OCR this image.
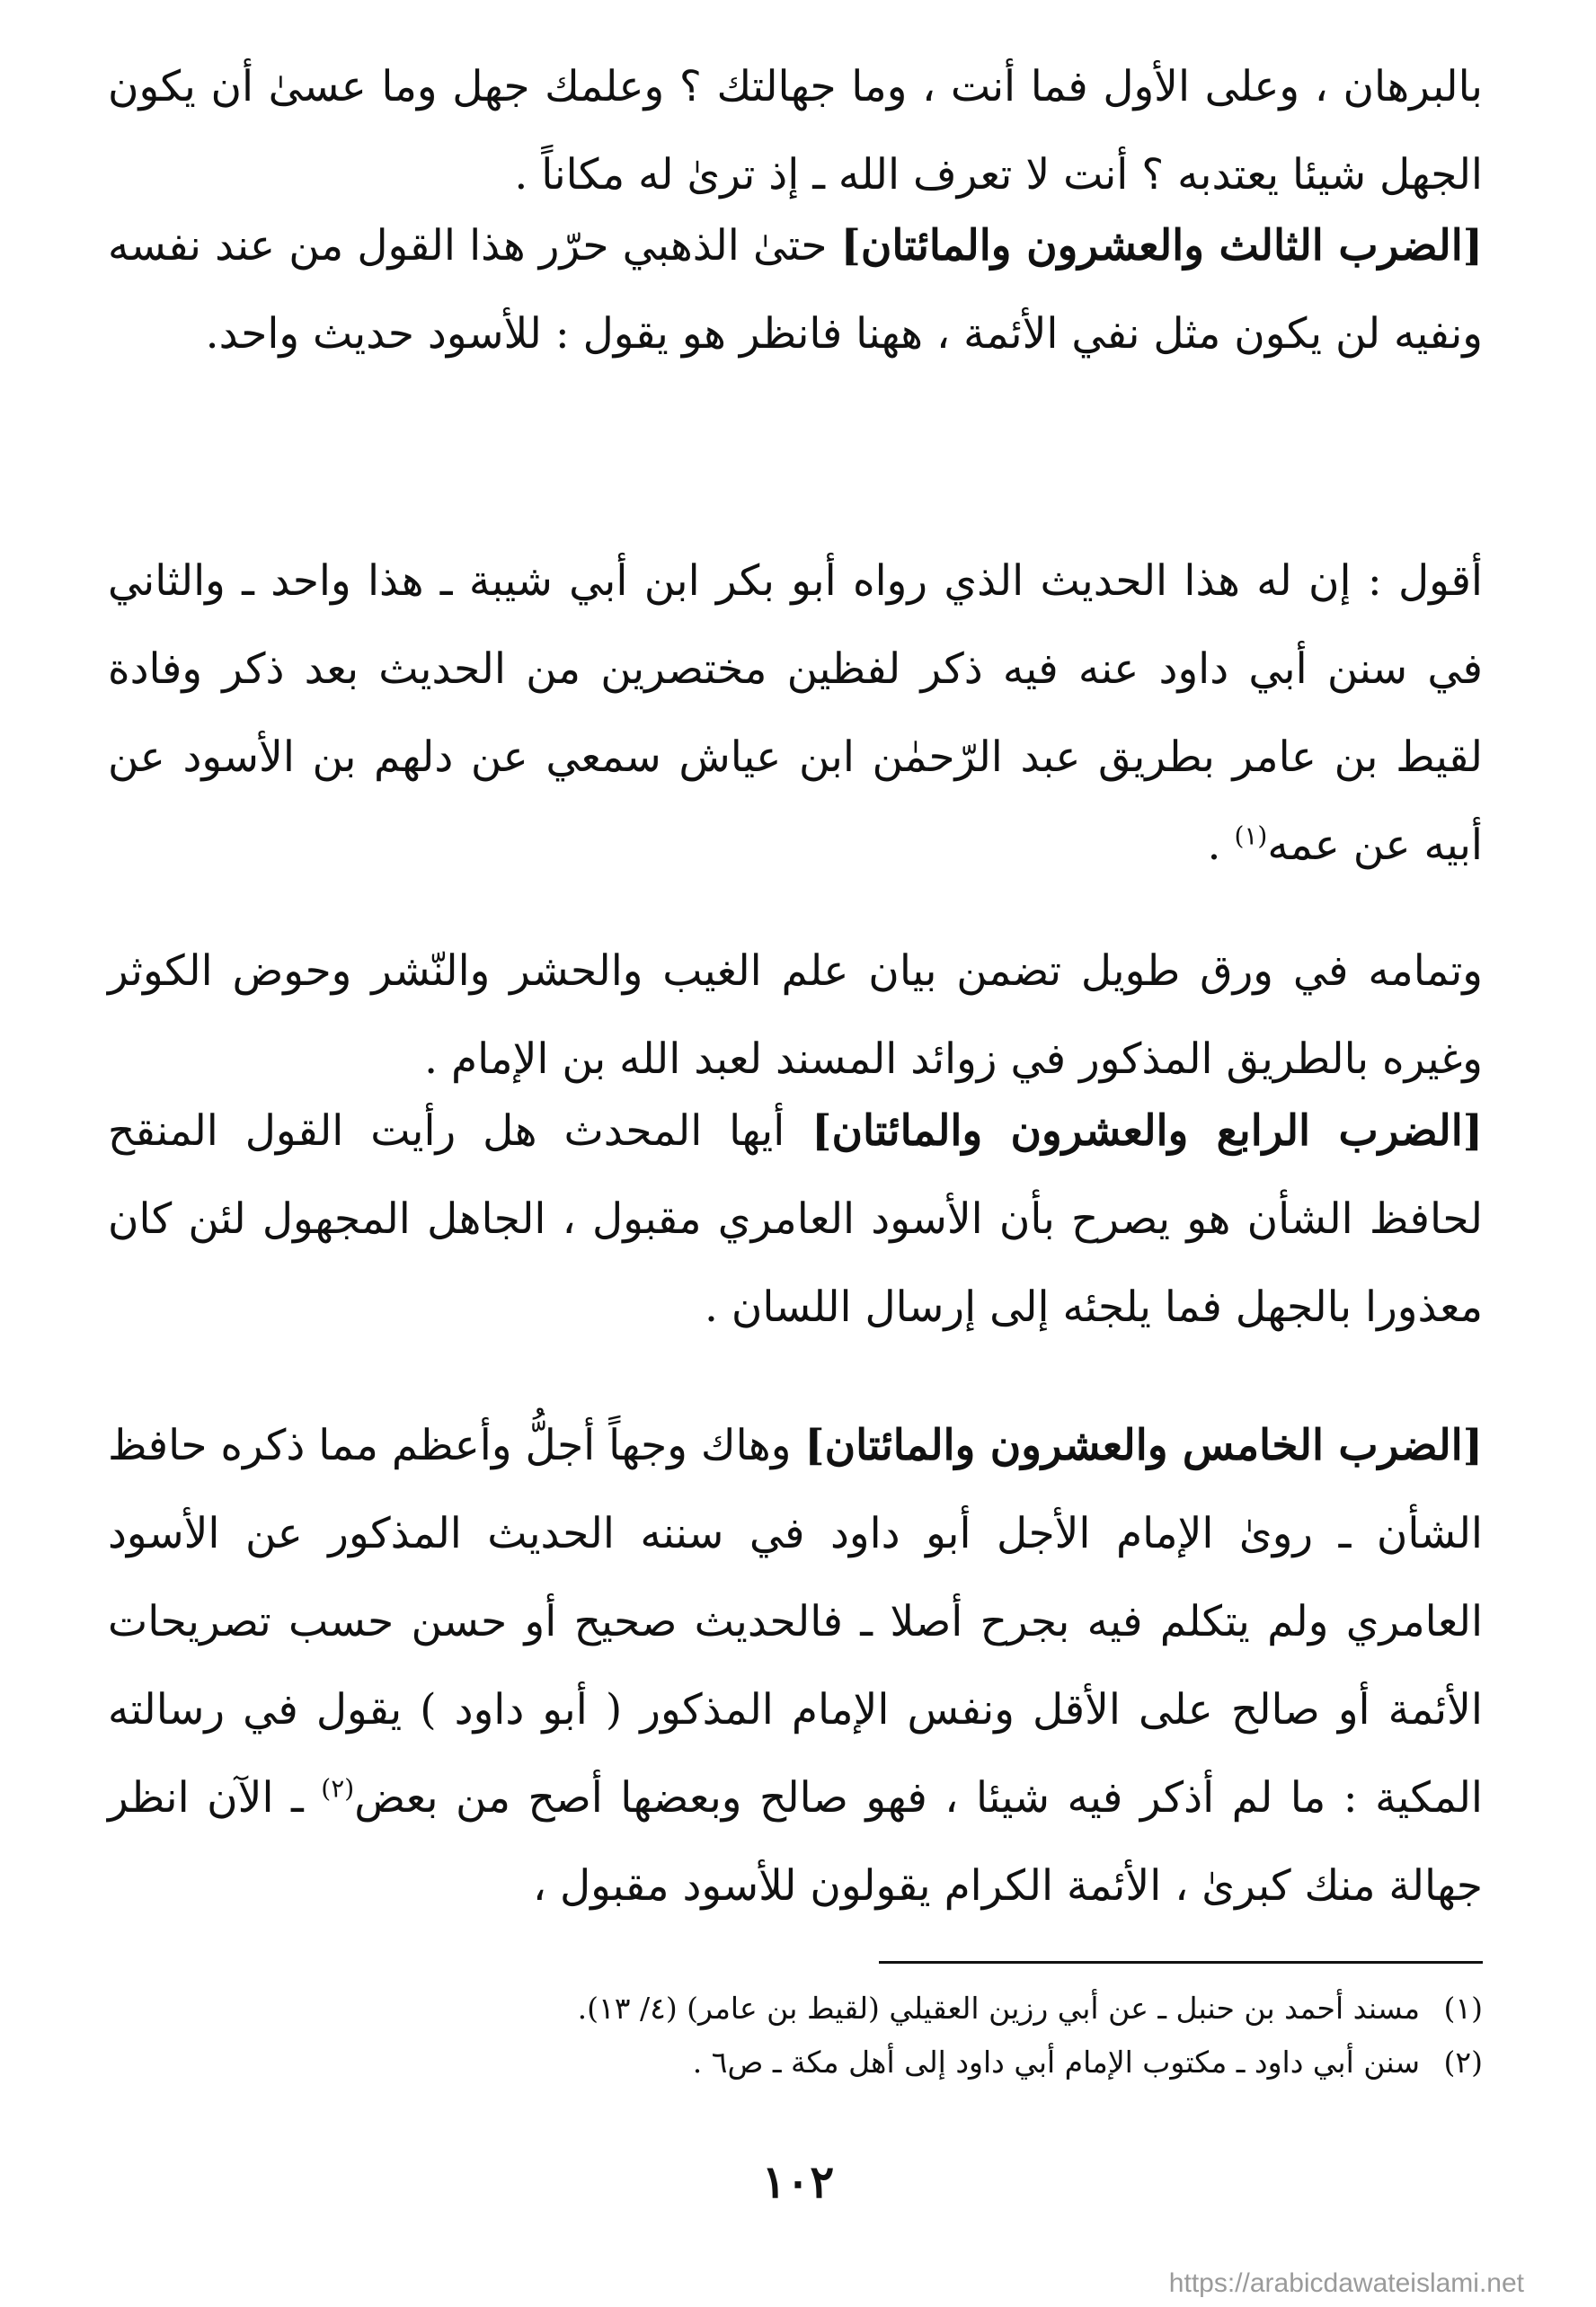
بالبرهان ، وعلى الأول فما أنت ، وما جهالتك ؟ وعلمك جهل وما عسىٰ أن يكون الجهل شيئا يعتدبه ؟ أنت لا تعرف الله ـ إذ ترىٰ له مكاناً .

[الضرب الثالث والعشرون والمائتان] حتىٰ الذهبي حرّر هذا القول من عند نفسه ونفيه لن يكون مثل نفي الأئمة ، ههنا فانظر هو يقول : للأسود حديث واحد.

أقول : إن له هذا الحديث الذي رواه أبو بكر ابن أبي شيبة ـ هذا واحد ـ والثاني في سنن أبي داود عنه فيه ذكر لفظين مختصرين من الحديث بعد ذكر وفادة لقيط بن عامر بطريق عبد الرّحمٰن ابن عياش سمعي عن دلهم بن الأسود عن أبيه عن عمه$^{(١)}$ .

وتمامه في ورق طويل تضمن بيان علم الغيب والحشر والنّشر وحوض الكوثر وغيره بالطريق المذكور في زوائد المسند لعبد الله بن الإمام .

[الضرب الرابع والعشرون والمائتان] أيها المحدث هل رأيت القول المنقح لحافظ الشأن هو يصرح بأن الأسود العامري مقبول ، الجاهل المجهول لئن كان معذورا بالجهل فما يلجئه إلى إرسال اللسان .

[الضرب الخامس والعشرون والمائتان] وهاك وجهاً أجلُّ وأعظم مما ذكره حافظ الشأن ـ رویٰ الإمام الأجل أبو داود في سننه الحديث المذكور عن الأسود العامري ولم يتكلم فيه بجرح أصلا ـ فالحديث صحيح أو حسن حسب تصريحات الأئمة أو صالح على الأقل ونفس الإمام المذكور ( أبو داود ) يقول في رسالته المكية : ما لم أذكر فيه شيئا ، فهو صالح وبعضها أصح من بعض$^{(٢)}$ ـ الآن انظر جهالة منك كبرىٰ ، الأئمة الكرام يقولون للأسود مقبول ،

(١)مسند أحمد بن حنبل ـ عن أبي رزين العقيلي (لقيط بن عامر) (٤/ ١٣).
(٢)سنن أبي داود ـ مكتوب الإمام أبي داود إلى أهل مكة ـ ص٦ .
١٠٢
https://arabicdawateislami.net
